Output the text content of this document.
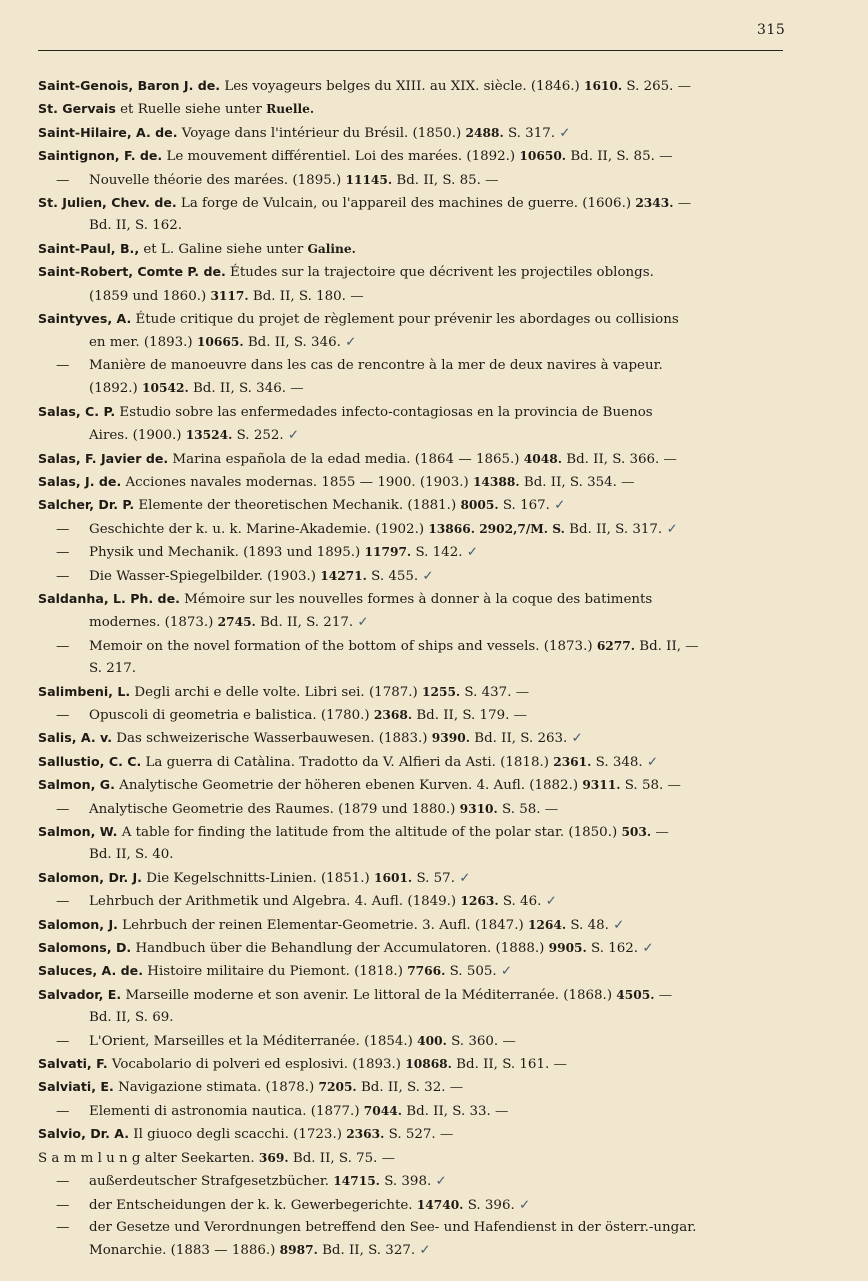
315
Saint-Genois, Baron J. de. Les voyageurs belges du XIII. au XIX. siècle. (1846.) 1610. S. 265. —
St. Gervais et Ruelle siehe unter Ruelle.
Saint-Hilaire, A. de. Voyage dans l'intérieur du Brésil. (1850.) 2488. S. 317. ✓
Saintignon, F. de. Le mouvement différentiel. Loi des marées. (1892.) 10650. Bd. II, S. 85. —
— Nouvelle théorie des marées. (1895.) 11145. Bd. II, S. 85. —
St. Julien, Chev. de. La forge de Vulcain, ou l'appareil des machines de guerre. (1606.) 2343. —
Bd. II, S. 162.
Saint-Paul, B., et L. Galine siehe unter Galine.
Saint-Robert, Comte P. de. Études sur la trajectoire que décrivent les projectiles oblongs.
(1859 und 1860.) 3117. Bd. II, S. 180. —
Saintyves, A. Étude critique du projet de règlement pour prévenir les abordages ou collisions
en mer. (1893.) 10665. Bd. II, S. 346. ✓
— Manière de manoeuvre dans les cas de rencontre à la mer de deux navires à vapeur.
(1892.) 10542. Bd. II, S. 346. —
Salas, C. P. Estudio sobre las enfermedades infecto-contagiosas en la provincia de Buenos
Aires. (1900.) 13524. S. 252. ✓
Salas, F. Javier de. Marina española de la edad media. (1864 — 1865.) 4048. Bd. II, S. 366. —
Salas, J. de. Acciones navales modernas. 1855 — 1900. (1903.) 14388. Bd. II, S. 354. —
Salcher, Dr. P. Elemente der theoretischen Mechanik. (1881.) 8005. S. 167. ✓
— Geschichte der k. u. k. Marine-Akademie. (1902.) 13866. 2902,7/M. S. Bd. II, S. 317. ✓
— Physik und Mechanik. (1893 und 1895.) 11797. S. 142. ✓
— Die Wasser-Spiegelbilder. (1903.) 14271. S. 455. ✓
Saldanha, L. Ph. de. Mémoire sur les nouvelles formes à donner à la coque des batiments
modernes. (1873.) 2745. Bd. II, S. 217. ✓
— Memoir on the novel formation of the bottom of ships and vessels. (1873.) 6277. Bd. II, —
S. 217.
Salimbeni, L. Degli archi e delle volte. Libri sei. (1787.) 1255. S. 437. —
— Opuscoli di geometria e balistica. (1780.) 2368. Bd. II, S. 179. —
Salis, A. v. Das schweizerische Wasserbauwesen. (1883.) 9390. Bd. II, S. 263. ✓
Sallustio, C. C. La guerra di Catàlina. Tradotto da V. Alfieri da Asti. (1818.) 2361. S. 348. ✓
Salmon, G. Analytische Geometrie der höheren ebenen Kurven. 4. Aufl. (1882.) 9311. S. 58. —
— Analytische Geometrie des Raumes. (1879 und 1880.) 9310. S. 58. —
Salmon, W. A table for finding the latitude from the altitude of the polar star. (1850.) 503. —
Bd. II, S. 40.
Salomon, Dr. J. Die Kegelschnitts-Linien. (1851.) 1601. S. 57. ✓
— Lehrbuch der Arithmetik und Algebra. 4. Aufl. (1849.) 1263. S. 46. ✓
Salomon, J. Lehrbuch der reinen Elementar-Geometrie. 3. Aufl. (1847.) 1264. S. 48. ✓
Salomons, D. Handbuch über die Behandlung der Accumulatoren. (1888.) 9905. S. 162. ✓
Saluces, A. de. Histoire militaire du Piemont. (1818.) 7766. S. 505. ✓
Salvador, E. Marseille moderne et son avenir. Le littoral de la Méditerranée. (1868.) 4505. —
Bd. II, S. 69.
— L'Orient, Marseilles et la Méditerranée. (1854.) 400. S. 360. —
Salvati, F. Vocabolario di polveri ed esplosivi. (1893.) 10868. Bd. II, S. 161. —
Salviati, E. Navigazione stimata. (1878.) 7205. Bd. II, S. 32. —
— Elementi di astronomia nautica. (1877.) 7044. Bd. II, S. 33. —
Salvio, Dr. A. Il giuoco degli scacchi. (1723.) 2363. S. 527. —
S a m m l u n g alter Seekarten. 369. Bd. II, S. 75. —
— außerdeutscher Strafgesetzbücher. 14715. S. 398. ✓
— der Entscheidungen der k. k. Gewerbegerichte. 14740. S. 396. ✓
— der Gesetze und Verordnungen betreffend den See- und Hafendienst in der österr.-ungar.
Monarchie. (1883 — 1886.) 8987. Bd. II, S. 327. ✓
